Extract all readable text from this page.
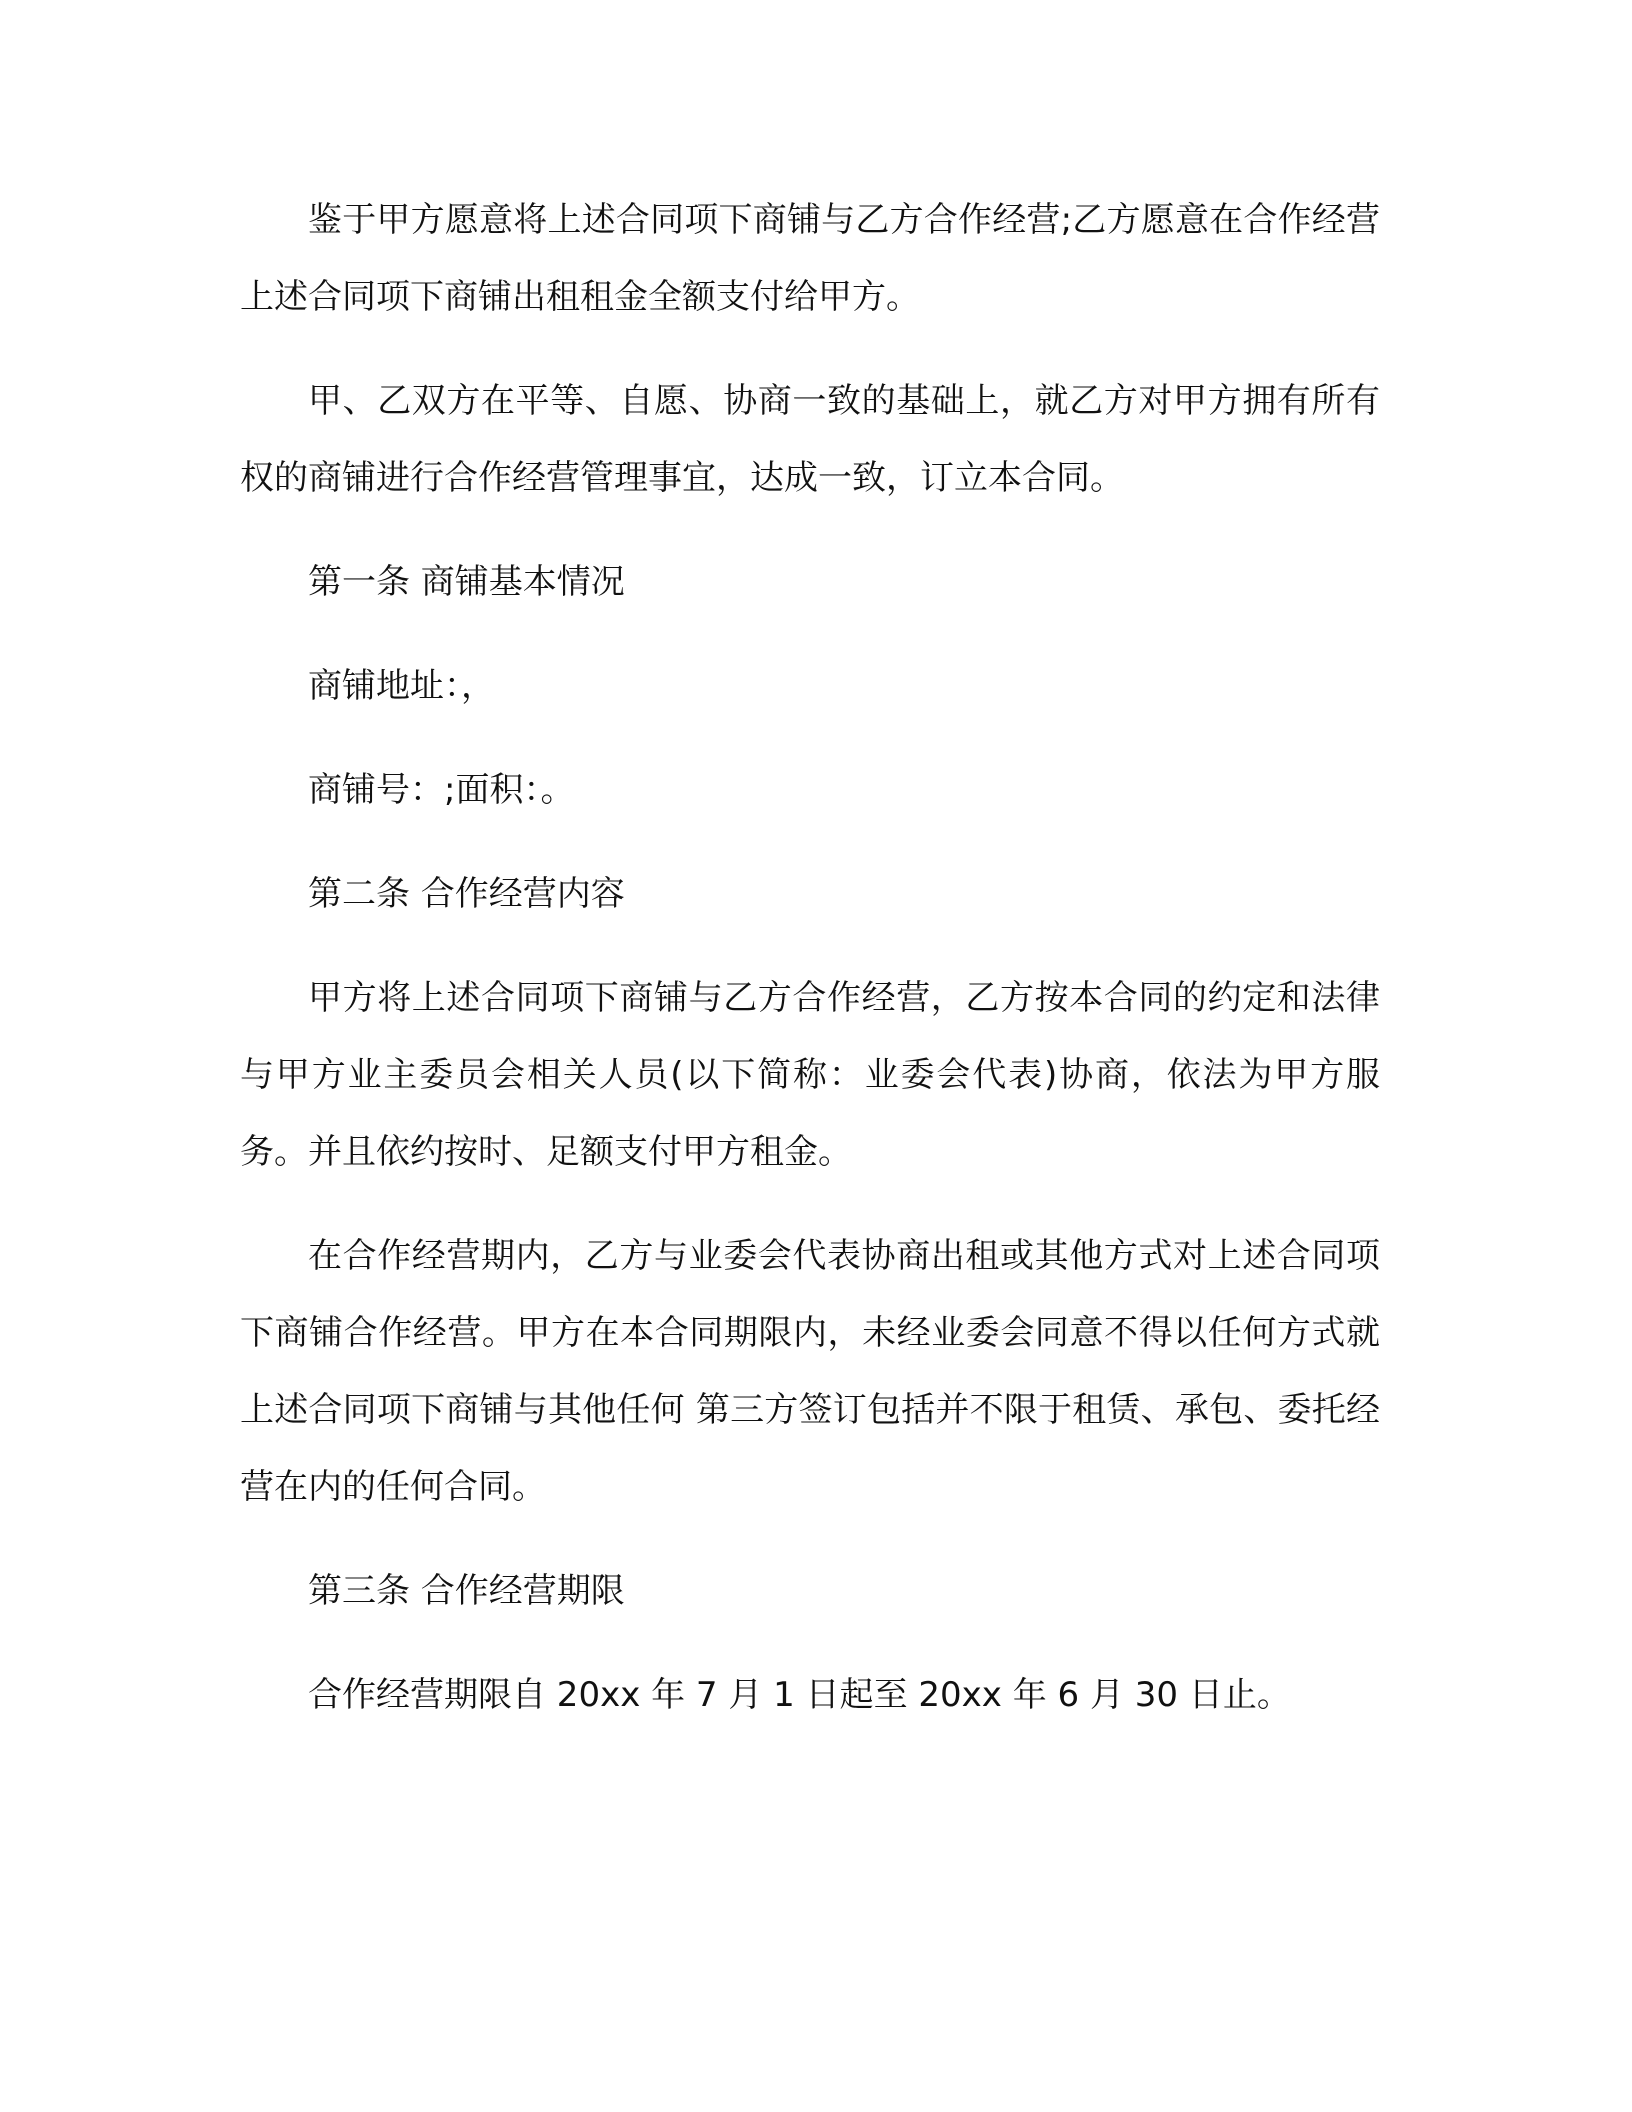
鉴于甲方愿意将上述合同项下商铺与乙方合作经营;乙方愿意在合作经营上述合同项下商铺出租租金全额支付给甲方。

甲、乙双方在平等、自愿、协商一致的基础上，就乙方对甲方拥有所有权的商铺进行合作经营管理事宜，达成一致，订立本合同。

第一条 商铺基本情况

商铺地址：，

商铺号：;面积：。

第二条 合作经营内容

甲方将上述合同项下商铺与乙方合作经营，乙方按本合同的约定和法律与甲方业主委员会相关人员(以下简称：业委会代表)协商，依法为甲方服务。并且依约按时、足额支付甲方租金。

在合作经营期内，乙方与业委会代表协商出租或其他方式对上述合同项下商铺合作经营。甲方在本合同期限内，未经业委会同意不得以任何方式就上述合同项下商铺与其他任何 第三方签订包括并不限于租赁、承包、委托经营在内的任何合同。

第三条 合作经营期限

合作经营期限自 20xx 年 7 月 1 日起至 20xx 年 6 月 30 日止。
